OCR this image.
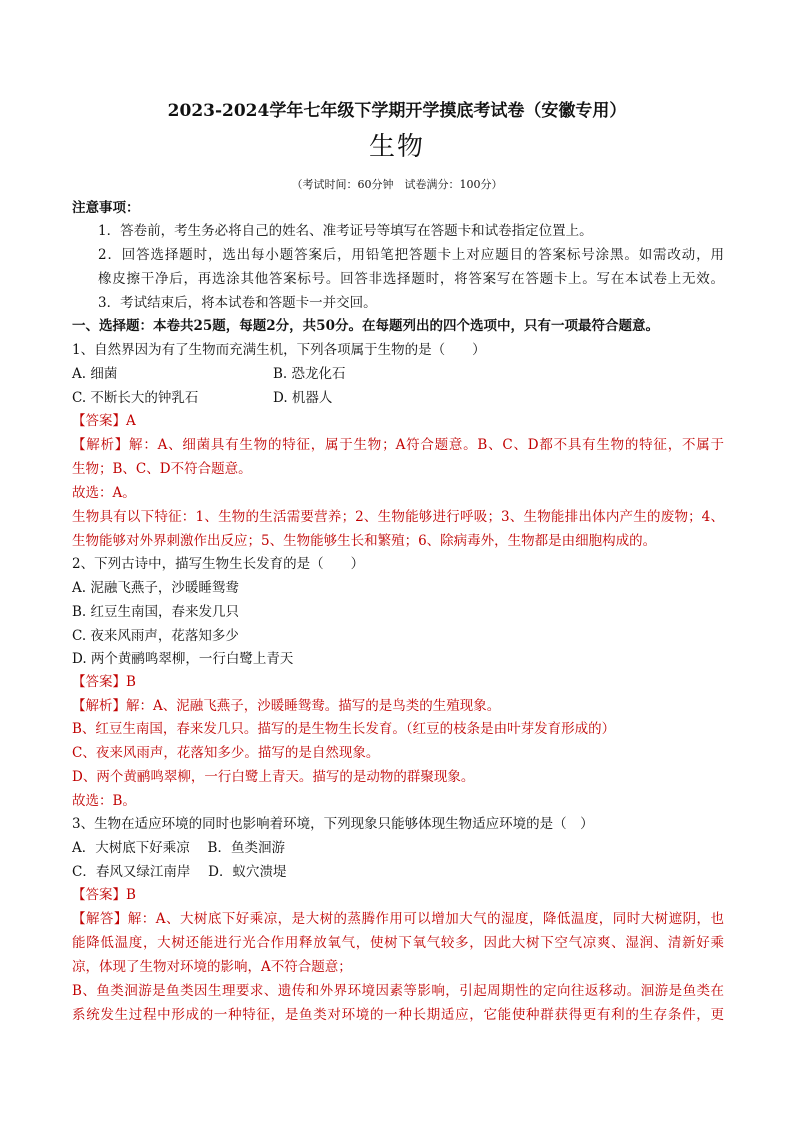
2023-2024学年七年级下学期开学摸底考试卷（安徽专用）
生物
（考试时间：60分钟　试卷满分：100分）
注意事项：
1．答卷前，考生务必将自己的姓名、准考证号等填写在答题卡和试卷指定位置上。
2．回答选择题时，选出每小题答案后，用铅笔把答题卡上对应题目的答案标号涂黑。如需改动，用
橡皮擦干净后，再选涂其他答案标号。回答非选择题时，将答案写在答题卡上。写在本试卷上无效。
3．考试结束后，将本试卷和答题卡一并交回。
一、选择题：本卷共25题，每题2分，共50分。在每题列出的四个选项中，只有一项最符合题意。
1、自然界因为有了生物而充满生机，下列各项属于生物的是（　　）
A. 细菌	B. 恐龙化石
C. 不断长大的钟乳石	D. 机器人
【答案】A
【解析】解：A、细菌具有生物的特征，属于生物；A符合题意。B、C、D都不具有生物的特征，不属于
生物；B、C、D不符合题意。
故选：A。
生物具有以下特征：1、生物的生活需要营养；2、生物能够进行呼吸；3、生物能排出体内产生的废物；4、
生物能够对外界刺激作出反应；5、生物能够生长和繁殖；6、除病毒外，生物都是由细胞构成的。
2、下列古诗中，描写生物生长发育的是（　　）
A. 泥融飞燕子，沙暖睡鸳鸯
B. 红豆生南国，春来发几只
C. 夜来风雨声，花落知多少
D. 两个黄鹂鸣翠柳，一行白鹭上青天
【答案】B
【解析】解：A、泥融飞燕子，沙暖睡鸳鸯。描写的是鸟类的生殖现象。
B、红豆生南国，春来发几只。描写的是生物生长发育。（红豆的枝条是由叶芽发育形成的）
C、夜来风雨声，花落知多少。描写的是自然现象。
D、两个黄鹂鸣翠柳，一行白鹭上青天。描写的是动物的群聚现象。
故选：B。
3、生物在适应环境的同时也影响着环境，下列现象只能够体现生物适应环境的是（　）
A．大树底下好乘凉　 B．鱼类洄游
C．春风又绿江南岸　 D．蚁穴溃堤
【答案】B
【解答】解：A、大树底下好乘凉，是大树的蒸腾作用可以增加大气的湿度，降低温度，同时大树遮阴，也
能降低温度，大树还能进行光合作用释放氧气，使树下氧气较多，因此大树下空气凉爽、湿润、清新好乘
凉，体现了生物对环境的影响，A不符合题意；
B、鱼类洄游是鱼类因生理要求、遗传和外界环境因素等影响，引起周期性的定向往返移动。洄游是鱼类在
系统发生过程中形成的一种特征，是鱼类对环境的一种长期适应，它能使种群获得更有利的生存条件，更
